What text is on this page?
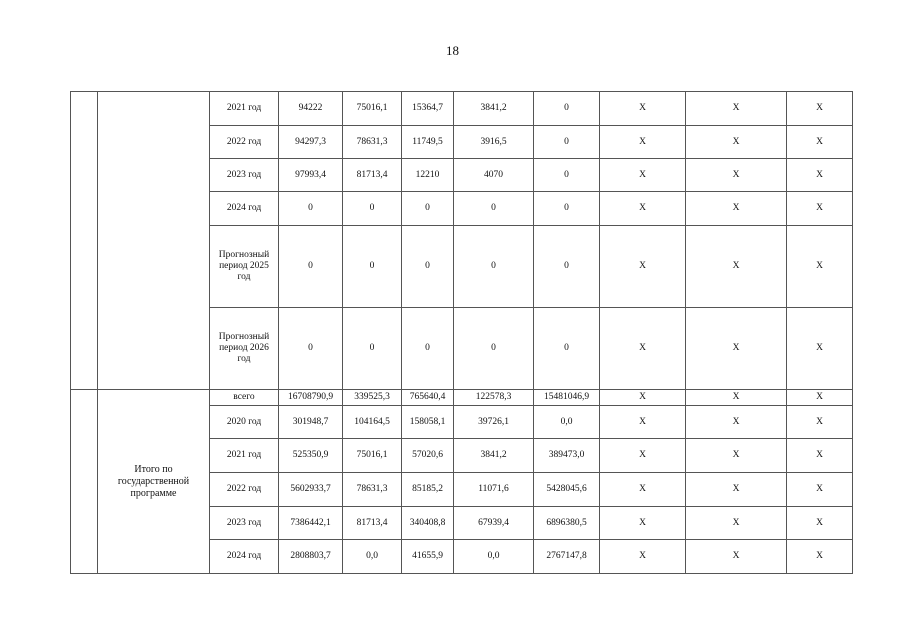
18
		2021 год	94222	75016,1	15364,7	3841,2	0	X	X	X
		2022 год	94297,3	78631,3	11749,5	3916,5	0	X	X	X
		2023 год	97993,4	81713,4	12210	4070	0	X	X	X
		2024 год	0	0	0	0	0	X	X	X
		Прогнозный период 2025 год	0	0	0	0	0	X	X	X
		Прогнозный период 2026 год	0	0	0	0	0	X	X	X
	Итого по государственной программе	всего	16708790,9	339525,3	765640,4	122578,3	15481046,9	X	X	X
		2020 год	301948,7	104164,5	158058,1	39726,1	0,0	X	X	X
		2021 год	525350,9	75016,1	57020,6	3841,2	389473,0	X	X	X
		2022 год	5602933,7	78631,3	85185,2	11071,6	5428045,6	X	X	X
		2023 год	7386442,1	81713,4	340408,8	67939,4	6896380,5	X	X	X
		2024 год	2808803,7	0,0	41655,9	0,0	2767147,8	X	X	X
